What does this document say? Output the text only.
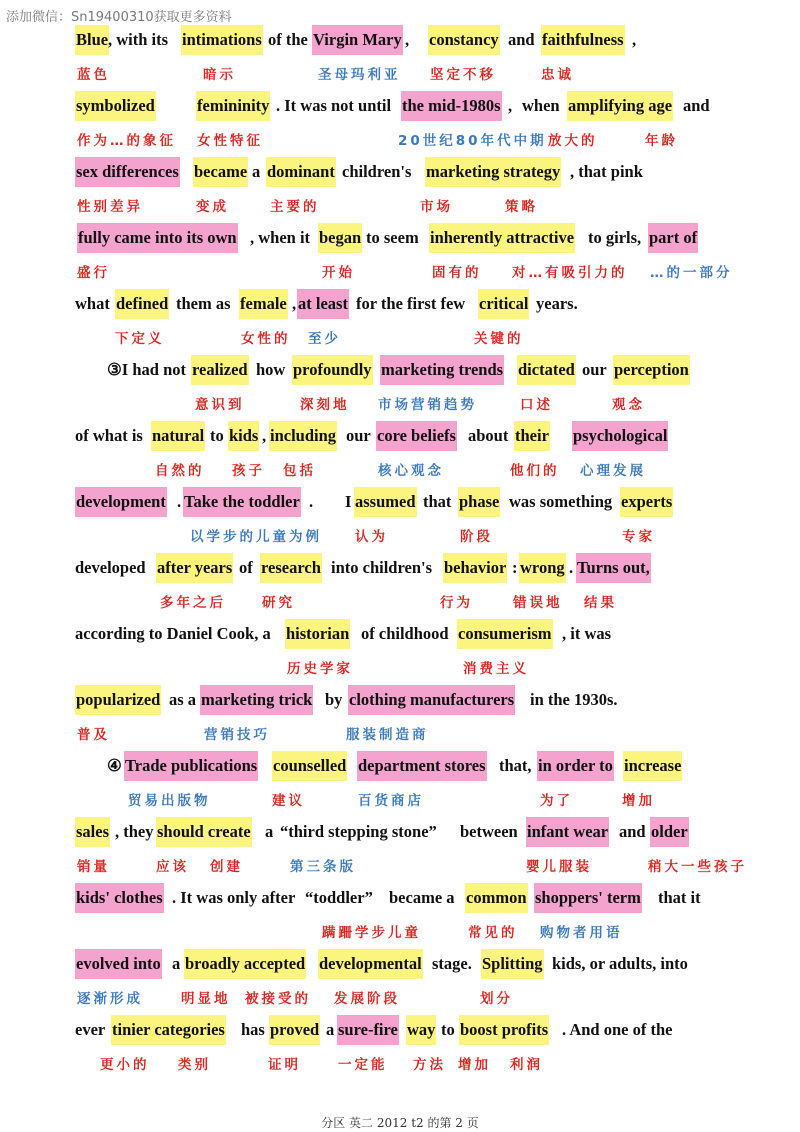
添加微信：Sn19400310获取更多资料
Blue , with its intimations of the Virgin Mary , constancy and faithfulness ,
蓝色	暗示	圣母玛利亚 坚定不移	忠诚
symbolized	femininity . It was not until the mid-1980s , when amplifying age and
作为…的象征 女性特征	20世纪80年代中期 放大的	年龄
sex differences became a dominant children's marketing strategy , that pink
性别差异	变成	主要的	市场	策略
fully came into its own , when it began to seem inherently attractive to girls, part of
盛行	开始	固有的 对…有吸引力的 …的一部分
what defined them as female , at least for the first few critical years.
下定义	女性的 至少	关键的
③I had not realized how profoundly marketing trends dictated our perception
意识到	深刻地 市场营销趋势	口述	观念
of what is natural to kids , including our core beliefs about their psychological
自然的 孩子 包括	核心观念	他们的 心理发展
development . Take the toddler . I assumed that phase was something experts
以学步的儿童为例 认为	阶段	专家
developed after years of research into children's behavior : wrong . Turns out,
多年之后	研究	行为	错误地 结果
according to Daniel Cook, a historian of childhood consumerism , it was
历史学家	消费主义
popularized as a marketing trick by clothing manufacturers in the 1930s.
普及	营销技巧	服装制造商
④ Trade publications counselled department stores that, in order to increase
贸易出版物	建议	百货商店	为了	增加
sales , they should create a “third stepping stone” between infant wear and older
销量	应该 创建	第三条版	婴儿服装	稍大一些孩子
kids' clothes . It was only after “toddler” became a common shoppers' term that it
蹒跚学步儿童	常见的 购物者用语
evolved into a broadly accepted developmental stage. Splitting kids, or adults, into
逐渐形成	明显地 被接受的 发展阶段	划分
ever tinier categories has proved a sure-fire way to boost profits . And one of the
更小的 类别	证明	一定能 方法 增加 利润
分区 英二 2012 t2 的第 2 页
